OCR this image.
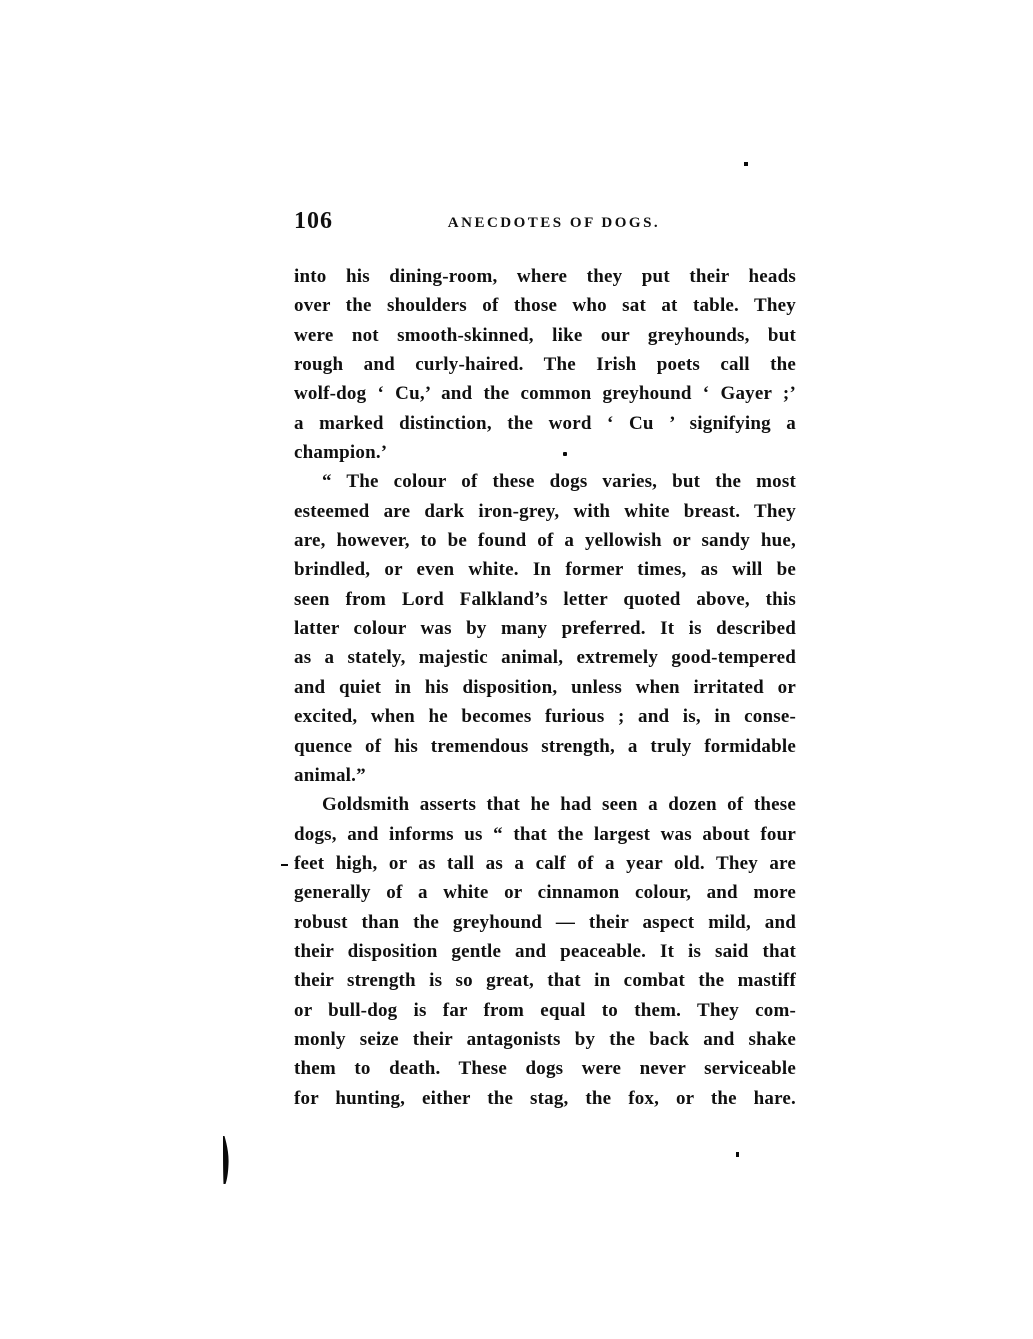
106	ANECDOTES OF DOGS.
into his dining-room, where they put their heads
over the shoulders of those who sat at table. They
were not smooth-skinned, like our greyhounds, but
rough and curly-haired. The Irish poets call the
wolf-dog ‘ Cu,’ and the common greyhound ‘ Gayer ;’
a marked distinction, the word ‘ Cu ’ signifying a
champion.’
“ The colour of these dogs varies, but the most
esteemed are dark iron-grey, with white breast. They
are, however, to be found of a yellowish or sandy hue,
brindled, or even white. In former times, as will be
seen from Lord Falkland’s letter quoted above, this
latter colour was by many preferred. It is described
as a stately, majestic animal, extremely good-tempered
and quiet in his disposition, unless when irritated or
excited, when he becomes furious ; and is, in conse-
quence of his tremendous strength, a truly formidable
animal.”
Goldsmith asserts that he had seen a dozen of these
dogs, and informs us “ that the largest was about four
feet high, or as tall as a calf of a year old. They are
generally of a white or cinnamon colour, and more
robust than the greyhound — their aspect mild, and
their disposition gentle and peaceable. It is said that
their strength is so great, that in combat the mastiff
or bull-dog is far from equal to them. They com-
monly seize their antagonists by the back and shake
them to death. These dogs were never serviceable
for hunting, either the stag, the fox, or the hare.
